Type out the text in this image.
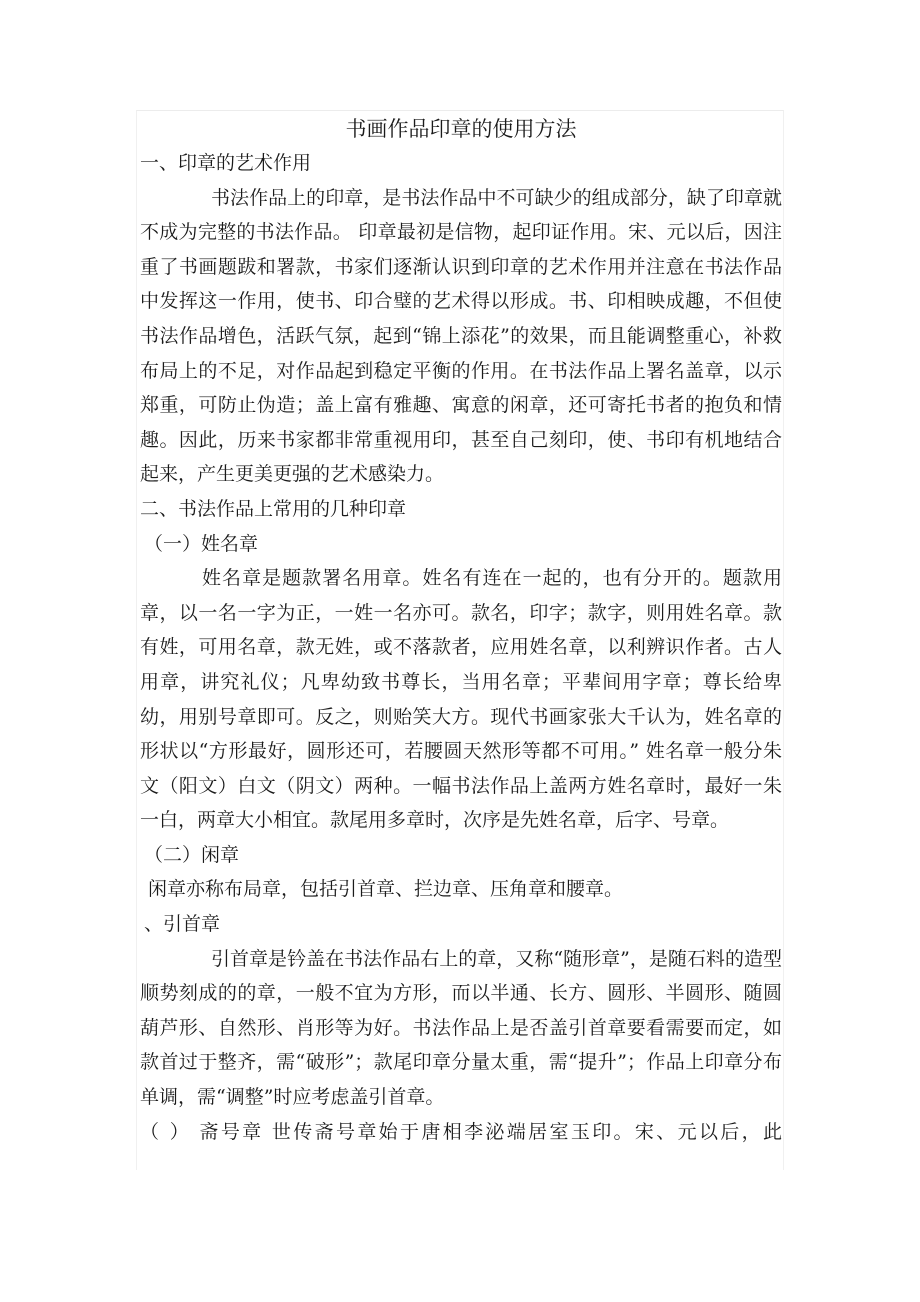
书画作品印章的使用方法

一、印章的艺术作用

书法作品上的印章，是书法作品中不可缺少的组成部分，缺了印章就不成为完整的书法作品。 印章最初是信物，起印证作用。宋、元以后，因注重了书画题跋和署款，书家们逐渐认识到印章的艺术作用并注意在书法作品中发挥这一作用，使书、印合璧的艺术得以形成。书、印相映成趣，不但使书法作品增色，活跃气氛，起到“锦上添花”的效果，而且能调整重心，补救布局上的不足，对作品起到稳定平衡的作用。在书法作品上署名盖章，以示郑重，可防止伪造；盖上富有雅趣、寓意的闲章，还可寄托书者的抱负和情趣。因此，历来书家都非常重视用印，甚至自己刻印，使、书印有机地结合起来，产生更美更强的艺术感染力。

二、书法作品上常用的几种印章

（一）姓名章

姓名章是题款署名用章。姓名有连在一起的，也有分开的。题款用章，以一名一字为正，一姓一名亦可。款名，印字；款字，则用姓名章。款有姓，可用名章，款无姓，或不落款者，应用姓名章，以利辨识作者。古人用章，讲究礼仪；凡卑幼致书尊长，当用名章；平辈间用字章；尊长给卑幼，用别号章即可。反之，则贻笑大方。现代书画家张大千认为，姓名章的形状以“方形最好，圆形还可，若腰圆天然形等都不可用。” 姓名章一般分朱文（阳文）白文（阴文）两种。一幅书法作品上盖两方姓名章时，最好一朱一白，两章大小相宜。款尾用多章时，次序是先姓名章，后字、号章。

（二）闲章

闲章亦称布局章，包括引首章、拦边章、压角章和腰章。

、引首章

引首章是钤盖在书法作品右上的章，又称“随形章”，是随石料的造型顺势刻成的的章，一般不宜为方形，而以半通、长方、圆形、半圆形、随圆葫芦形、自然形、肖形等为好。书法作品上是否盖引首章要看需要而定，如款首过于整齐，需“破形”；款尾印章分量太重，需“提升”；作品上印章分布单调，需“调整”时应考虑盖引首章。

（ ） 斋号章 世传斋号章始于唐相李泌端居室玉印。宋、元以后，此
